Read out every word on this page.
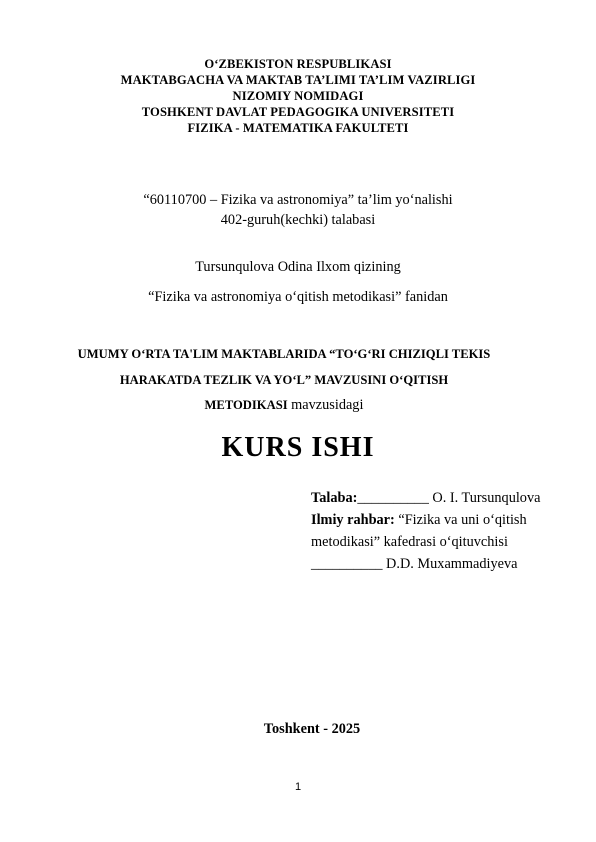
O‘ZBEKISTON RESPUBLIKASI
MAKTABGACHA VA MAKTAB TA’LIMI TA’LIM VAZIRLIGI
NIZOMIY NOMIDAGI
TOSHKENT DAVLAT PEDAGOGIKA UNIVERSITETI
FIZIKA - MATEMATIKA FAKULTETI
“60110700 – Fizika va astronomiya” ta’lim yo‘nalishi
402-guruh(kechki) talabasi
Tursunqulova Odina Ilxom qizining
“Fizika va astronomiya o‘qitish metodikasi” fanidan
UMUMY O‘RTA TA'LIM MAKTABLARIDA “TO‘G‘RI CHIZIQLI TEKIS
HARAKATDA TEZLIK VA YO‘L” MAVZUSINI O‘QITISH
METODIKASI mavzusidagi
KURS ISHI
Talaba:__________ O. I. Tursunqulova
Ilmiy rahbar: “Fizika va uni o‘qitish
metodikasi” kafedrasi o‘qituvchisi
__________ D.D. Muxammadiyeva
Toshkent - 2025
1
